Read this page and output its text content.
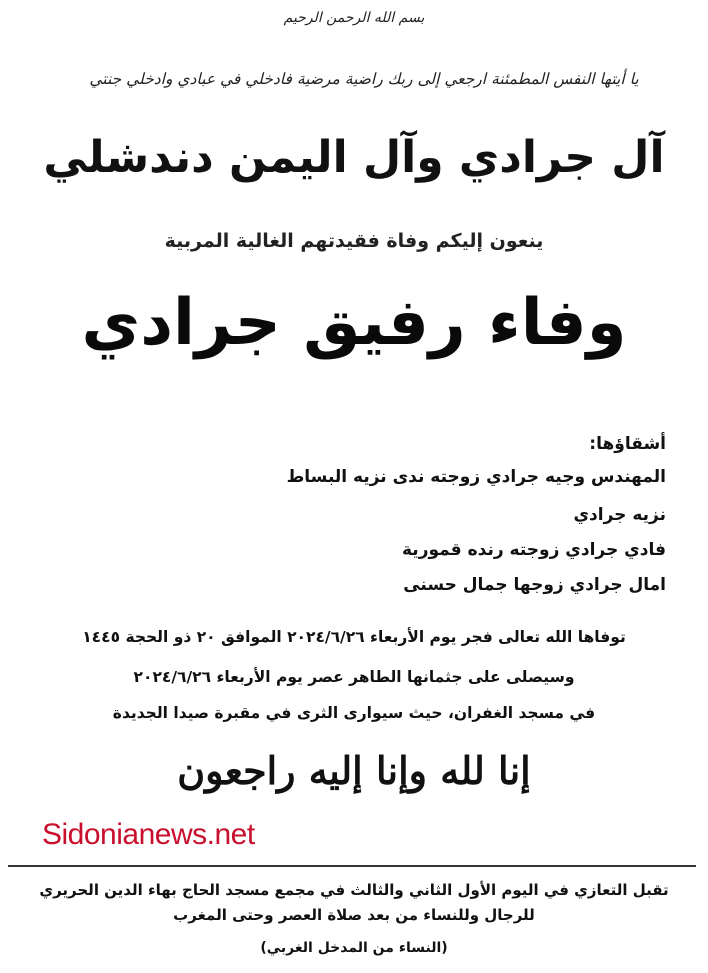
بسم الله الرحمن الرحيم

يا أيتها النفس المطمئنة ارجعي إلى ربك راضية مرضية فادخلي في عبادي وادخلي جنتي

آل جرادي وآل اليمن دندشلي

ينعون إليكم وفاة فقيدتهم الغالية المربية

وفاء رفيق جرادي

أشقاؤها:

المهندس وجيه جرادي زوجته ندى نزيه البساط

نزيه جرادي

فادي جرادي زوجته رنده قمورية

امال جرادي زوجها جمال حسنى

توفاها الله تعالى فجر يوم الأربعاء ٢٠٢٤/٦/٢٦ الموافق ٢٠ ذو الحجة ١٤٤٥

وسيصلى على جثمانها الطاهر عصر يوم الأربعاء ٢٠٢٤/٦/٢٦

في مسجد الغفران، حيث سيوارى الثرى في مقبرة صيدا الجديدة

إنا لله وإنا إليه راجعون

Sidonianews.net

تقبل التعازي في اليوم الأول الثاني والثالث في مجمع مسجد الحاج بهاء الدين الحريري

للرجال وللنساء من بعد صلاة العصر وحتى المغرب

(النساء من المدخل الغربي)
